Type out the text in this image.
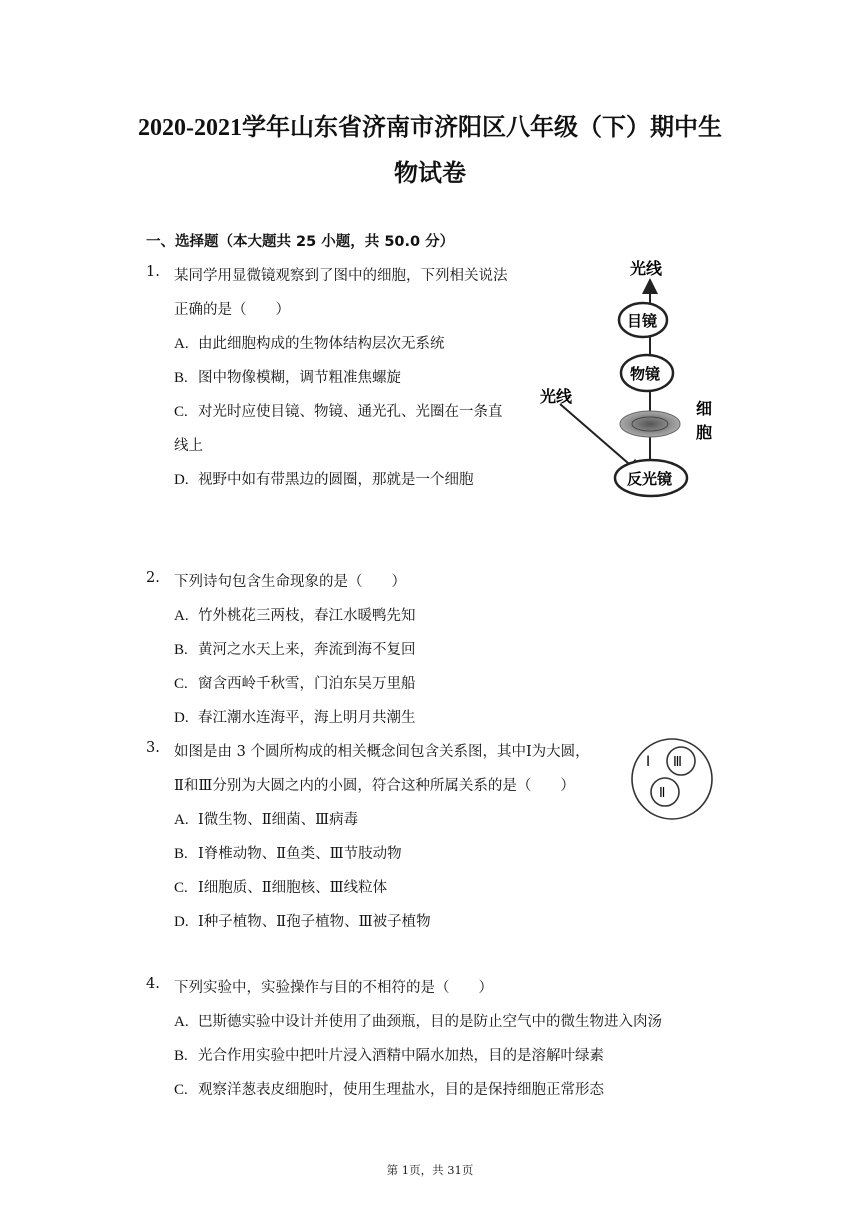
2020-2021学年山东省济南市济阳区八年级（下）期中生
物试卷
一、选择题（本大题共 25 小题，共 50.0 分）
1. 某同学用显微镜观察到了图中的细胞，下列相关说法
正确的是（　　）
A. 由此细胞构成的生物体结构层次无系统
B. 图中物像模糊，调节粗准焦螺旋
C. 对光时应使目镜、物镜、通光孔、光圈在一条直
线上
D. 视野中如有带黑边的圆圈，那就是一个细胞
光线
光线
目镜
物镜
细
胞
反光镜
2. 下列诗句包含生命现象的是（　　）
A. 竹外桃花三两枝，春江水暖鸭先知
B. 黄河之水天上来，奔流到海不复回
C. 窗含西岭千秋雪，门泊东吴万里船
D. 春江潮水连海平，海上明月共潮生
3. 如图是由 3 个圆所构成的相关概念间包含关系图，其中Ⅰ为大圆，
Ⅱ和Ⅲ分别为大圆之内的小圆，符合这种所属关系的是（　　）
A. Ⅰ微生物、Ⅱ细菌、Ⅲ病毒
B. Ⅰ脊椎动物、Ⅱ鱼类、Ⅲ节肢动物
C. Ⅰ细胞质、Ⅱ细胞核、Ⅲ线粒体
D. Ⅰ种子植物、Ⅱ孢子植物、Ⅲ被子植物
Ⅰ Ⅲ
Ⅱ
4. 下列实验中，实验操作与目的不相符的是（　　）
A. 巴斯德实验中设计并使用了曲颈瓶，目的是防止空气中的微生物进入肉汤
B. 光合作用实验中把叶片浸入酒精中隔水加热，目的是溶解叶绿素
C. 观察洋葱表皮细胞时，使用生理盐水，目的是保持细胞正常形态
第 1页，共 31页
